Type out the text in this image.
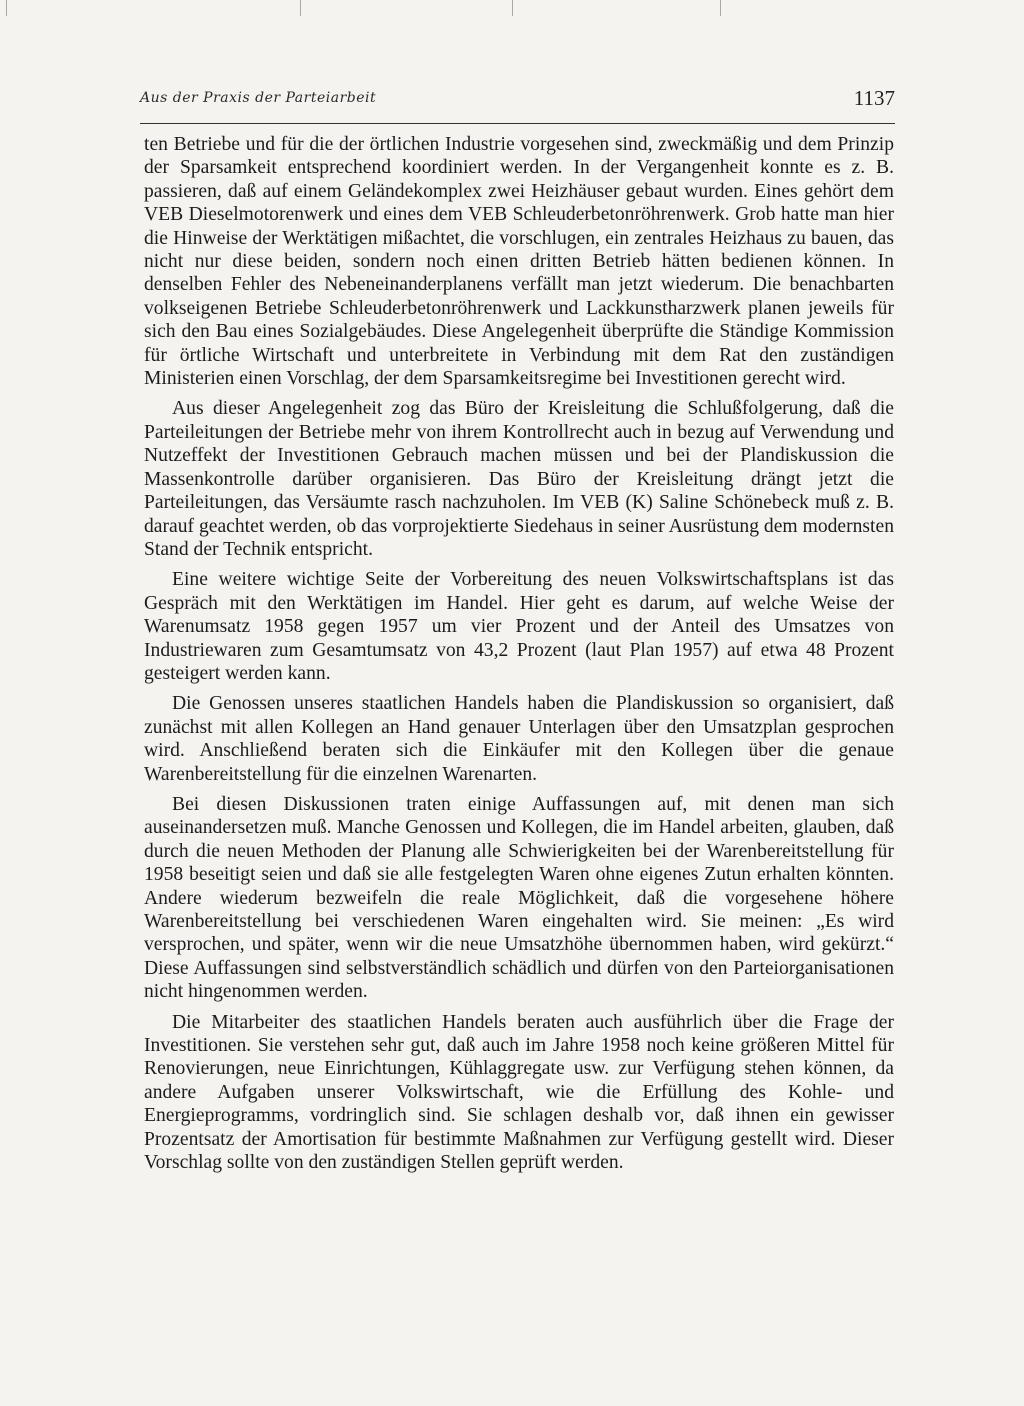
Aus der Praxis der Parteiarbeit	1137

ten Betriebe und für die der örtlichen Industrie vorgesehen sind, zweckmäßig und dem Prinzip der Sparsamkeit entsprechend koordiniert werden. In der Vergangenheit konnte es z. B. passieren, daß auf einem Geländekomplex zwei Heizhäuser gebaut wurden. Eines gehört dem VEB Dieselmotorenwerk und eines dem VEB Schleuderbetonröhrenwerk. Grob hatte man hier die Hinweise der Werktätigen mißachtet, die vorschlugen, ein zentrales Heizhaus zu bauen, das nicht nur diese beiden, sondern noch einen dritten Betrieb hätten bedienen können. In denselben Fehler des Nebeneinanderplanens verfällt man jetzt wiederum. Die benachbarten volkseigenen Betriebe Schleuderbetonröhrenwerk und Lackkunstharzwerk planen jeweils für sich den Bau eines Sozialgebäudes. Diese Angelegenheit überprüfte die Ständige Kommission für örtliche Wirtschaft und unterbreitete in Verbindung mit dem Rat den zuständigen Ministerien einen Vorschlag, der dem Sparsamkeitsregime bei Investitionen gerecht wird.

Aus dieser Angelegenheit zog das Büro der Kreisleitung die Schlußfolgerung, daß die Parteileitungen der Betriebe mehr von ihrem Kontrollrecht auch in bezug auf Verwendung und Nutzeffekt der Investitionen Gebrauch machen müssen und bei der Plandiskussion die Massenkontrolle darüber organisieren. Das Büro der Kreisleitung drängt jetzt die Parteileitungen, das Versäumte rasch nachzuholen. Im VEB (K) Saline Schönebeck muß z. B. darauf geachtet werden, ob das vorprojektierte Siedehaus in seiner Ausrüstung dem modernsten Stand der Technik entspricht.

Eine weitere wichtige Seite der Vorbereitung des neuen Volkswirtschaftsplans ist das Gespräch mit den Werktätigen im Handel. Hier geht es darum, auf welche Weise der Warenumsatz 1958 gegen 1957 um vier Prozent und der Anteil des Umsatzes von Industriewaren zum Gesamtumsatz von 43,2 Prozent (laut Plan 1957) auf etwa 48 Prozent gesteigert werden kann.

Die Genossen unseres staatlichen Handels haben die Plandiskussion so organisiert, daß zunächst mit allen Kollegen an Hand genauer Unterlagen über den Umsatzplan gesprochen wird. Anschließend beraten sich die Einkäufer mit den Kollegen über die genaue Warenbereitstellung für die einzelnen Warenarten.

Bei diesen Diskussionen traten einige Auffassungen auf, mit denen man sich auseinandersetzen muß. Manche Genossen und Kollegen, die im Handel arbeiten, glauben, daß durch die neuen Methoden der Planung alle Schwierigkeiten bei der Warenbereitstellung für 1958 beseitigt seien und daß sie alle festgelegten Waren ohne eigenes Zutun erhalten könnten. Andere wiederum bezweifeln die reale Möglichkeit, daß die vorgesehene höhere Warenbereitstellung bei verschiedenen Waren eingehalten wird. Sie meinen: „Es wird versprochen, und später, wenn wir die neue Umsatzhöhe übernommen haben, wird gekürzt.“ Diese Auffassungen sind selbstverständlich schädlich und dürfen von den Parteiorganisationen nicht hingenommen werden.

Die Mitarbeiter des staatlichen Handels beraten auch ausführlich über die Frage der Investitionen. Sie verstehen sehr gut, daß auch im Jahre 1958 noch keine größeren Mittel für Renovierungen, neue Einrichtungen, Kühlaggregate usw. zur Verfügung stehen können, da andere Aufgaben unserer Volkswirtschaft, wie die Erfüllung des Kohle- und Energieprogramms, vordringlich sind. Sie schlagen deshalb vor, daß ihnen ein gewisser Prozentsatz der Amortisation für bestimmte Maßnahmen zur Verfügung gestellt wird. Dieser Vorschlag sollte von den zuständigen Stellen geprüft werden.
